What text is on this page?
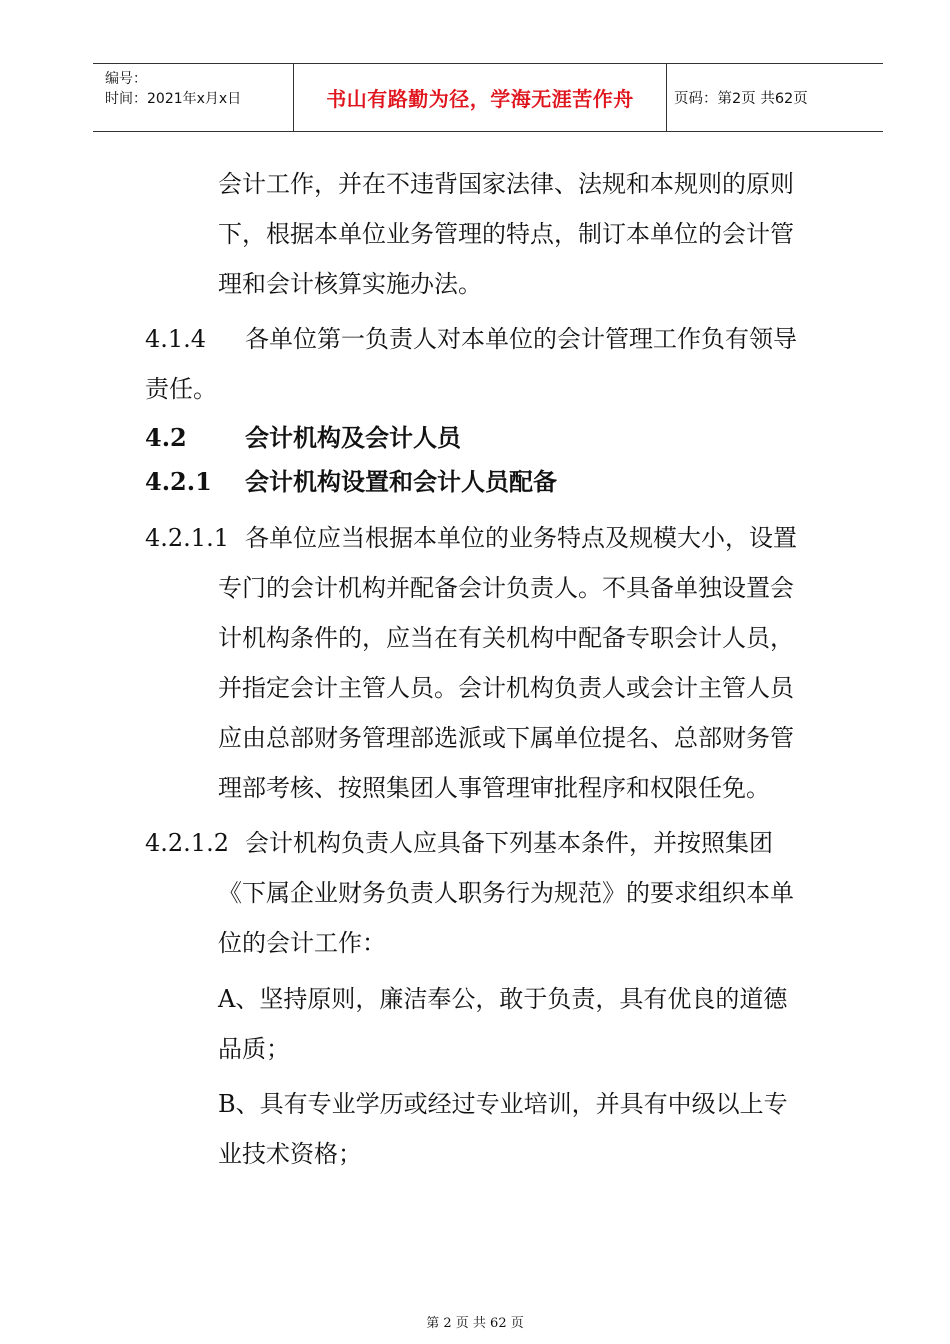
编号：
时间：2021年x月x日	书山有路勤为径，学海无涯苦作舟	页码：第2页 共62页
会计工作，并在不违背国家法律、法规和本规则的原则
下，根据本单位业务管理的特点，制订本单位的会计管
理和会计核算实施办法。
4.1.4 各单位第一负责人对本单位的会计管理工作负有领导
责任。
4.2 会计机构及会计人员
4.2.1 会计机构设置和会计人员配备
4.2.1.1 各单位应当根据本单位的业务特点及规模大小，设置
专门的会计机构并配备会计负责人。不具备单独设置会
计机构条件的，应当在有关机构中配备专职会计人员，
并指定会计主管人员。会计机构负责人或会计主管人员
应由总部财务管理部选派或下属单位提名、总部财务管
理部考核、按照集团人事管理审批程序和权限任免。
4.2.1.2 会计机构负责人应具备下列基本条件，并按照集团
《下属企业财务负责人职务行为规范》的要求组织本单
位的会计工作：
A、坚持原则，廉洁奉公，敢于负责，具有优良的道德
品质；
B、具有专业学历或经过专业培训，并具有中级以上专
业技术资格；
第 2 页 共 62 页
